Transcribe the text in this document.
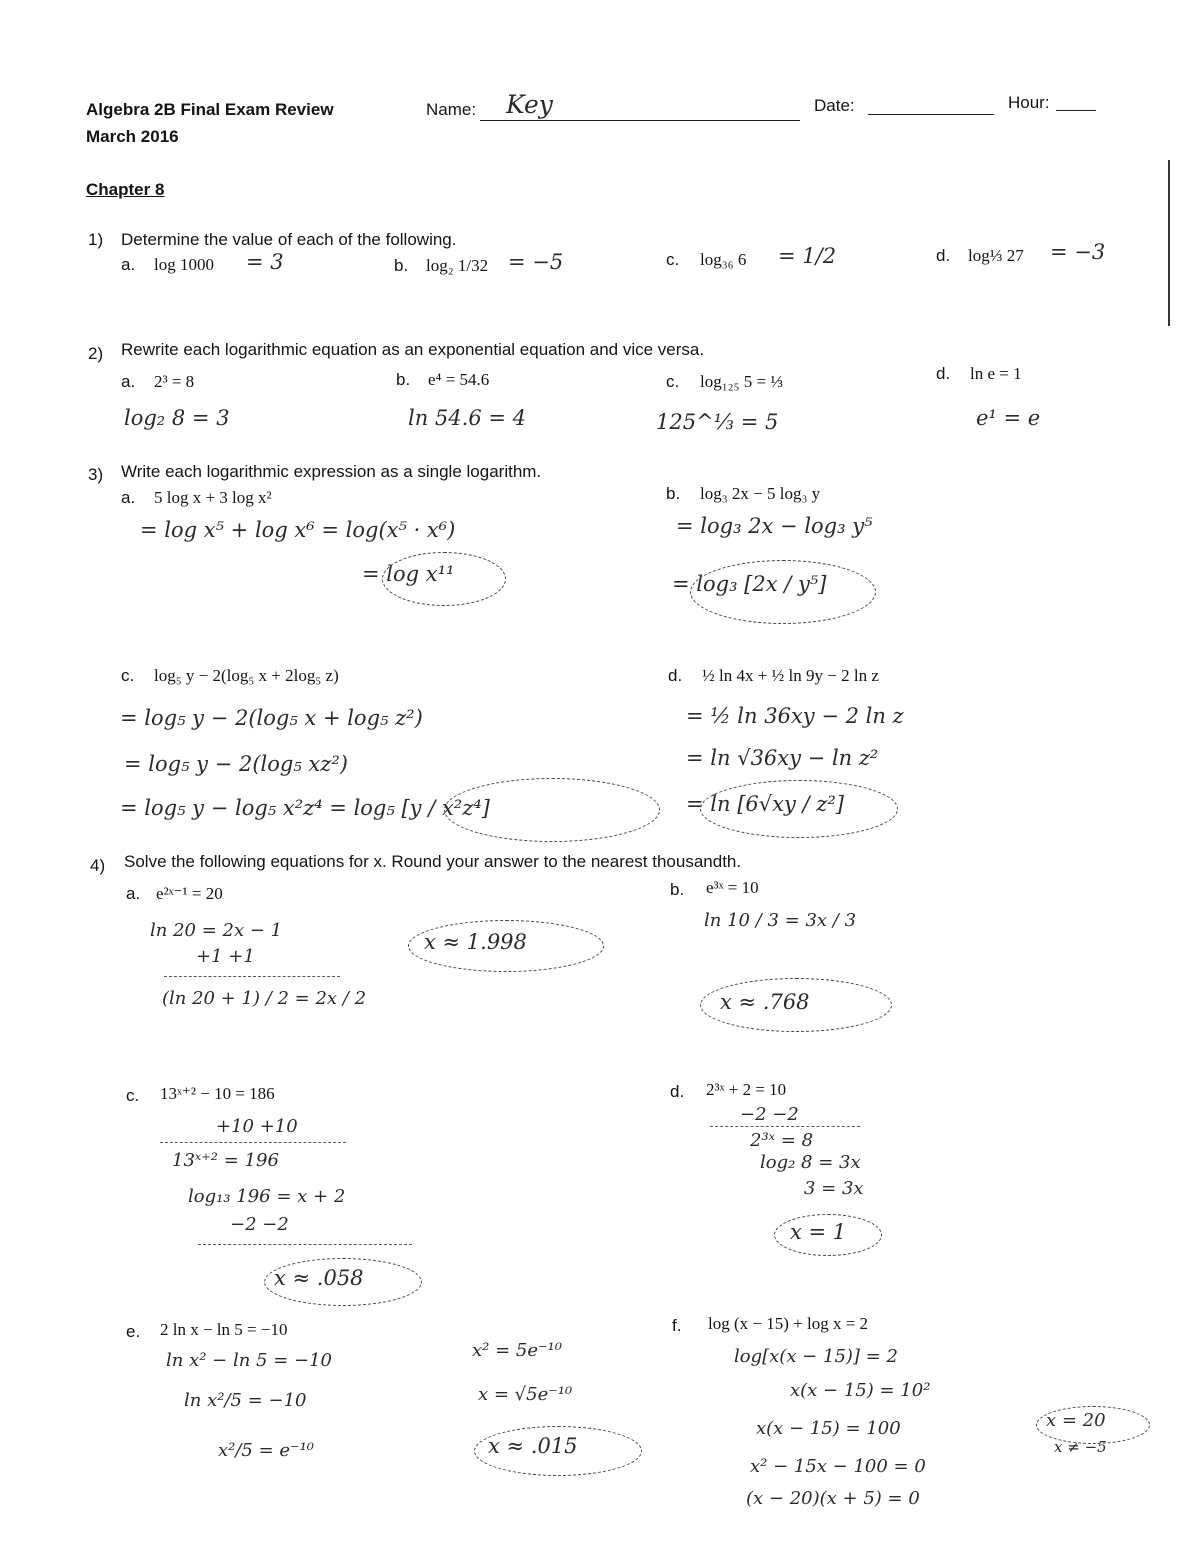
Algebra 2B Final Exam Review
March 2016
Name: Key	Date:	Hour:
Chapter 8
1) Determine the value of each of the following.
a. log 1000 = 3	b. log₂ 1/32 = −5	c. log₃₆ 6 = 1/2	d. log⅓ 27 = −3
2) Rewrite each logarithmic equation as an exponential equation and vice versa.
a. 2³ = 8
log₂ 8 = 3
b. e⁴ = 54.6
ln 54.6 = 4
c. log₁₂₅ 5 = ⅓
125^⅓ = 5
d. ln e = 1
e¹ = e
3) Write each logarithmic expression as a single logarithm.
a. 5 log x + 3 log x²
= log x⁵ + log x⁶ = log(x⁵ · x⁶)
= log x¹¹
b. log₃ 2x − 5 log₃ y
= log₃ 2x − log₃ y⁵
= log₃ [2x / y⁵]
c. log₅ y − 2(log₅ x + 2log₅ z)
= log₅ y − 2(log₅ x + log₅ z²)
= log₅ y − 2(log₅ xz²)
= log₅ y − log₅ x²z⁴ = log₅ [y / x²z⁴]
d. ½ ln 4x + ½ ln 9y − 2 ln z
= ½ ln 36xy − 2 ln z
= ln √36xy − ln z²
= ln [6√xy / z²]
4) Solve the following equations for x. Round your answer to the nearest thousandth.
a. e²ˣ⁻¹ = 20
ln 20 = 2x − 1
+1 +1
(ln 20 + 1) / 2 = 2x / 2
x ≈ 1.998
b. e³ˣ = 10
ln 10 / 3 = 3x / 3
x ≈ .768
c. 13ˣ⁺² − 10 = 186
+10 +10
13ˣ⁺² = 196
log₁₃ 196 = x + 2
−2 −2
x ≈ .058
d. 2³ˣ + 2 = 10
−2 −2
2³ˣ = 8
log₂ 8 = 3x
3 = 3x
x = 1
e. 2 ln x − ln 5 = −10
ln x² − ln 5 = −10
ln x²/5 = −10
x²/5 = e⁻¹⁰
x² = 5e⁻¹⁰
x = √5e⁻¹⁰
x ≈ .015
f. log (x − 15) + log x = 2
log[x(x − 15)] = 2
x(x − 15) = 10²
x(x − 15) = 100
x² − 15x − 100 = 0
(x − 20)(x + 5) = 0
x = 20
x ≠ −5
